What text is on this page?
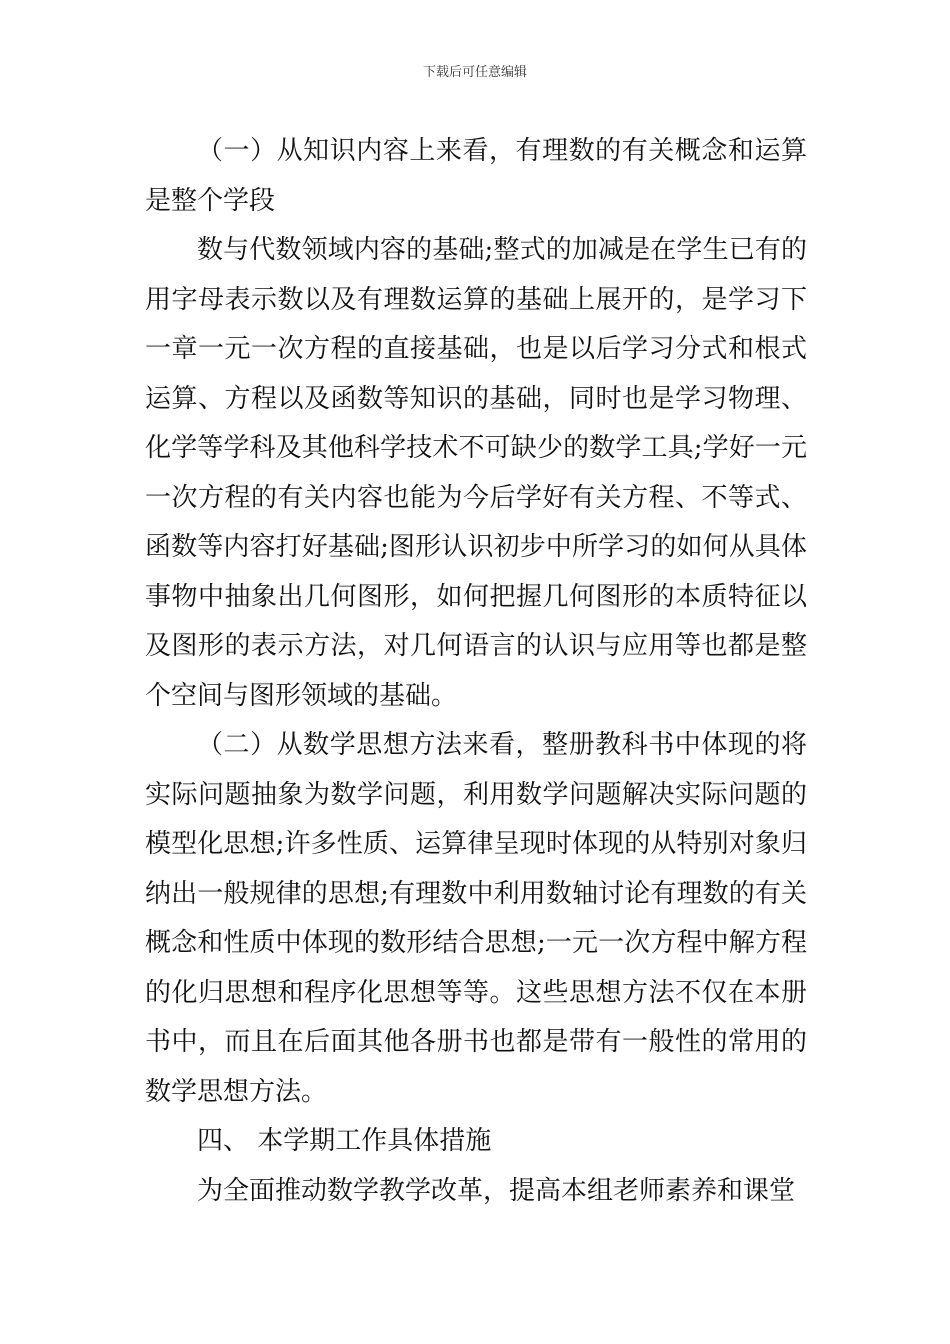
下载后可任意编辑

（一）从知识内容上来看，有理数的有关概念和运算是整个学段

数与代数领域内容的基础;整式的加减是在学生已有的用字母表示数以及有理数运算的基础上展开的，是学习下一章一元一次方程的直接基础，也是以后学习分式和根式运算、方程以及函数等知识的基础，同时也是学习物理、化学等学科及其他科学技术不可缺少的数学工具;学好一元一次方程的有关内容也能为今后学好有关方程、不等式、函数等内容打好基础;图形认识初步中所学习的如何从具体事物中抽象出几何图形，如何把握几何图形的本质特征以及图形的表示方法，对几何语言的认识与应用等也都是整个空间与图形领域的基础。

（二）从数学思想方法来看，整册教科书中体现的将实际问题抽象为数学问题，利用数学问题解决实际问题的模型化思想;许多性质、运算律呈现时体现的从特别对象归纳出一般规律的思想;有理数中利用数轴讨论有理数的有关概念和性质中体现的数形结合思想;一元一次方程中解方程的化归思想和程序化思想等等。这些思想方法不仅在本册书中，而且在后面其他各册书也都是带有一般性的常用的数学思想方法。

四、 本学期工作具体措施

为全面推动数学教学改革，提高本组老师素养和课堂
